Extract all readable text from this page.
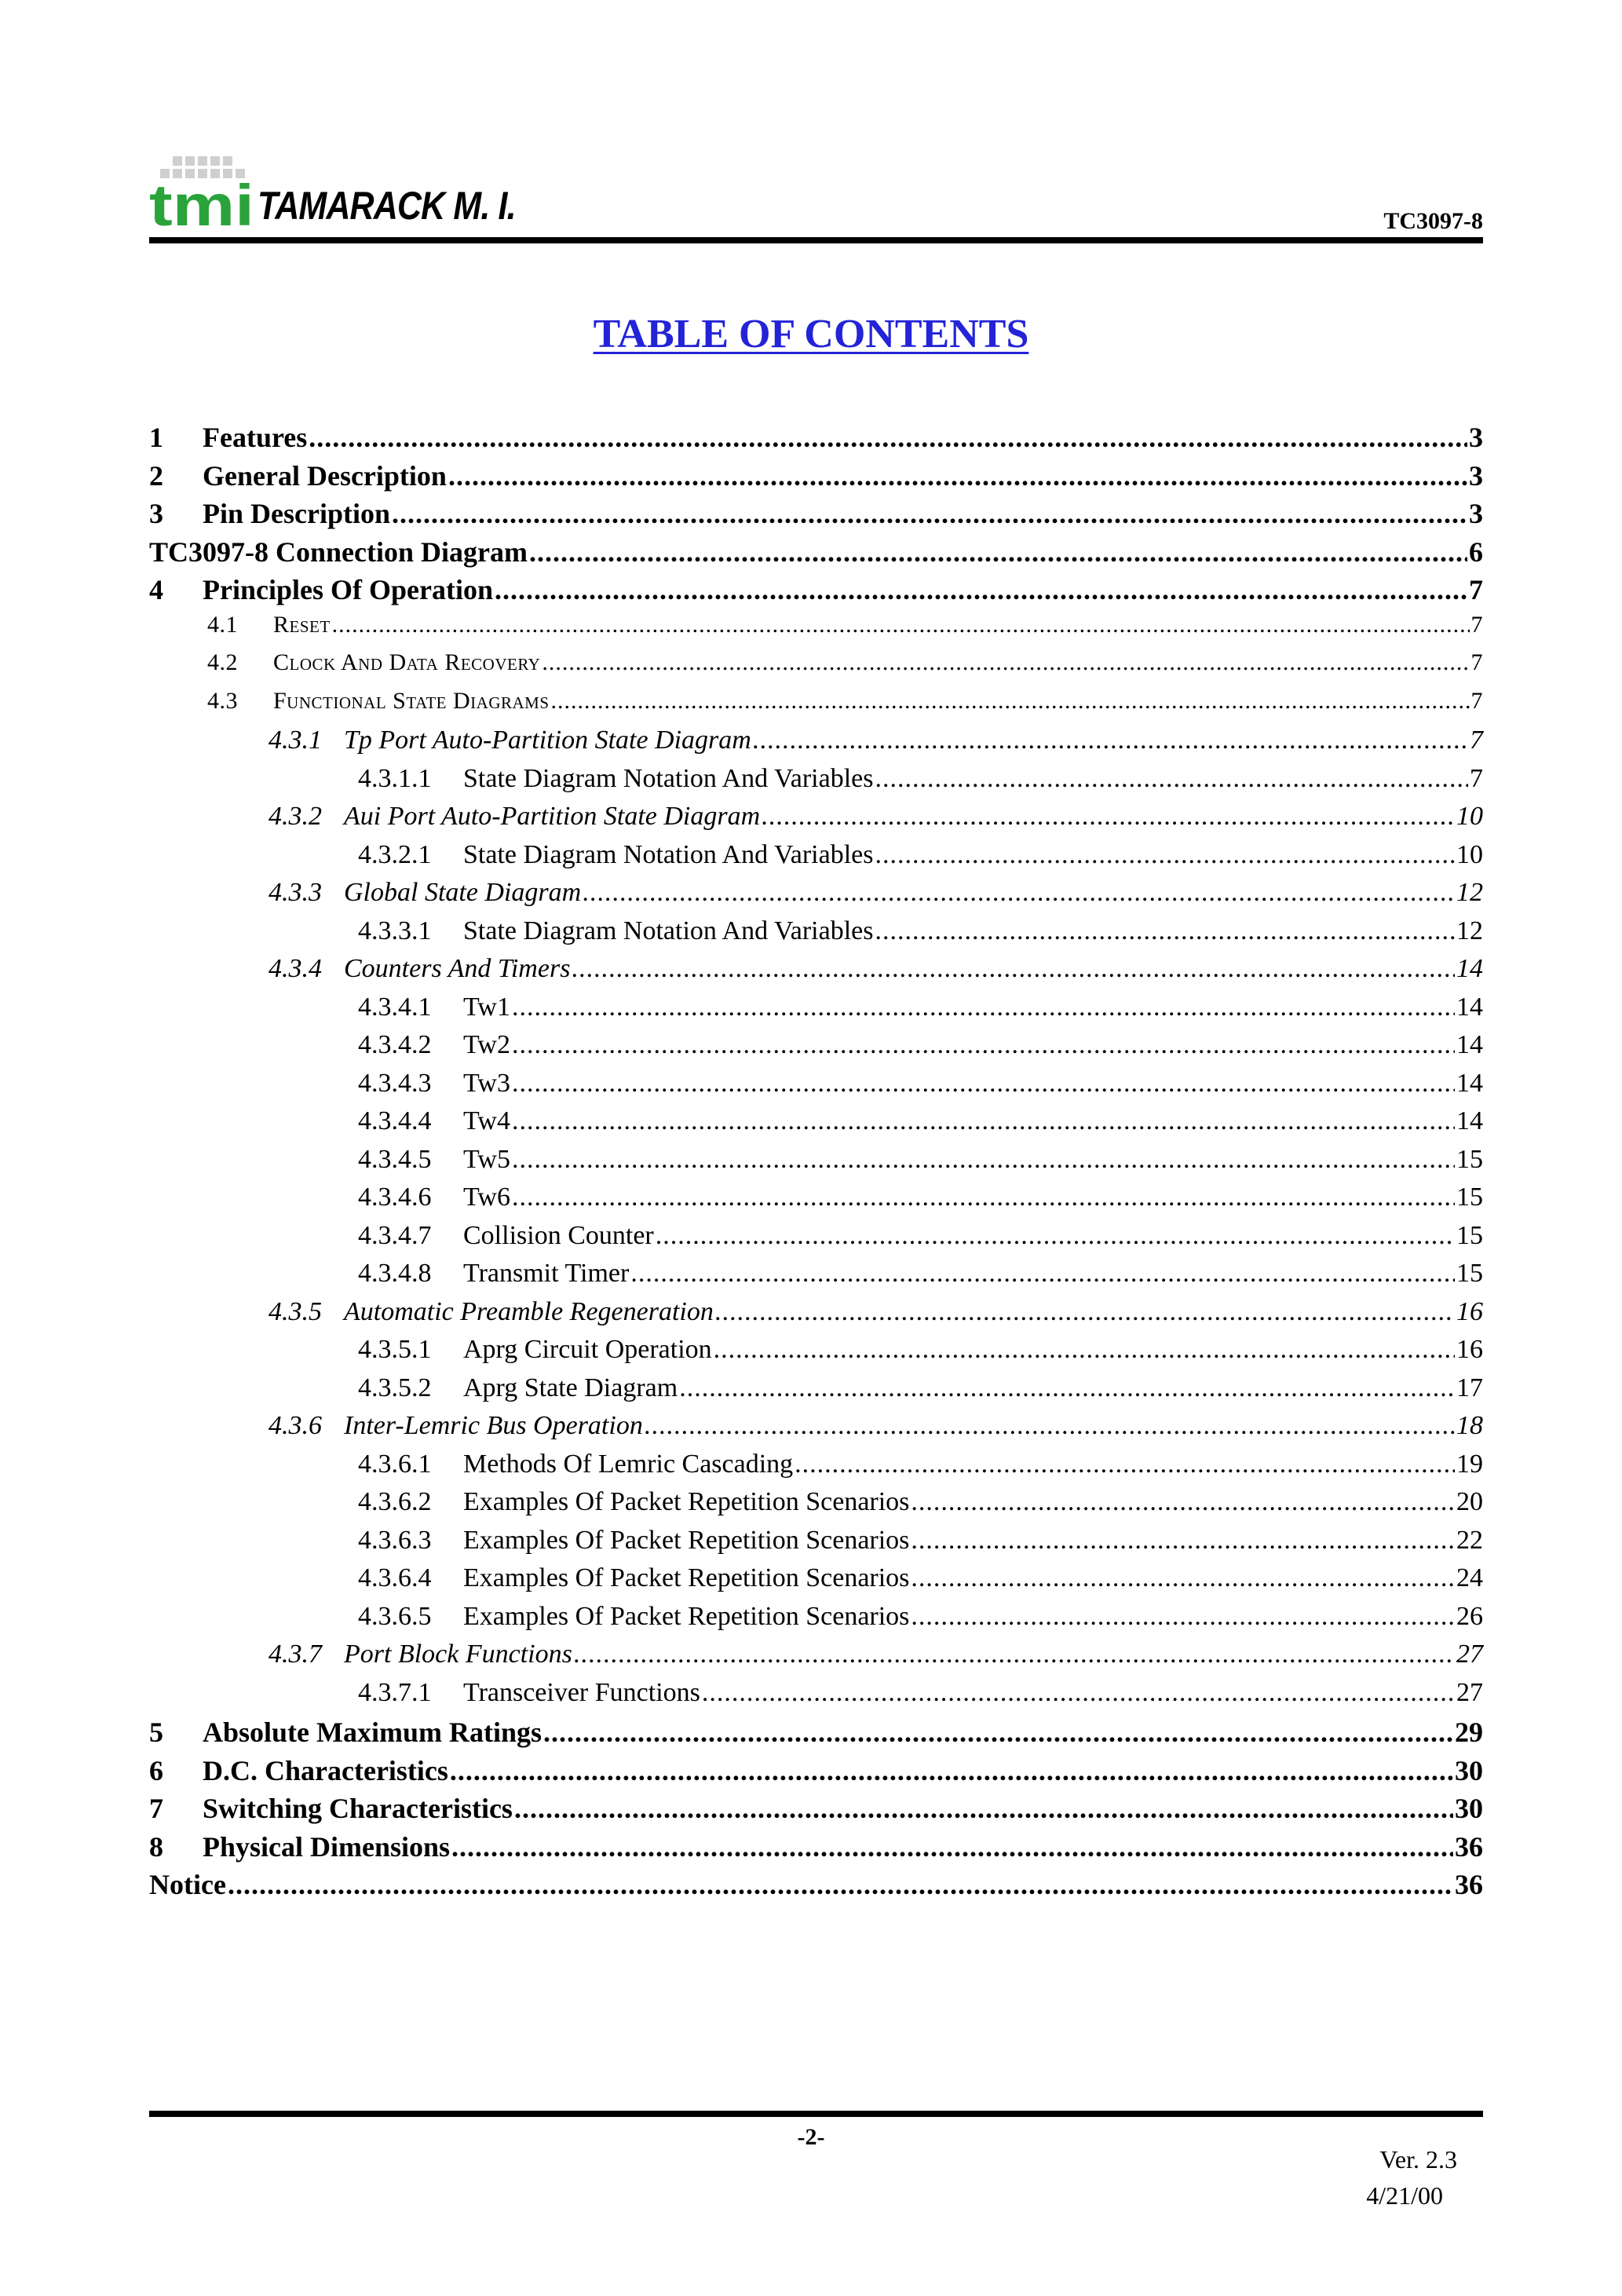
tmi TAMARACK M. I.	TC3097-8
TABLE OF CONTENTS
1	Features .....	3
2	General Description .....	3
3	Pin Description .....	3
TC3097-8 Connection Diagram .....	6
4	Principles Of Operation .....	7
4.1	Reset .....	7
4.2	Clock And Data Recovery .....	7
4.3	Functional State Diagrams .....	7
4.3.1 Tp Port Auto-Partition State Diagram .....	7
4.3.1.1	State Diagram Notation And Variables .....	7
4.3.2 Aui Port Auto-Partition State Diagram .....	10
4.3.2.1	State Diagram Notation And Variables .....	10
4.3.3 Global State Diagram .....	12
4.3.3.1	State Diagram Notation And Variables .....	12
4.3.4 Counters And Timers .....	14
4.3.4.1	Tw1 .....	14
4.3.4.2	Tw2 .....	14
4.3.4.3	Tw3 .....	14
4.3.4.4	Tw4 .....	14
4.3.4.5	Tw5 .....	15
4.3.4.6	Tw6 .....	15
4.3.4.7	Collision Counter .....	15
4.3.4.8	Transmit Timer .....	15
4.3.5 Automatic Preamble Regeneration .....	16
4.3.5.1	Aprg Circuit Operation .....	16
4.3.5.2	Aprg State Diagram .....	17
4.3.6 Inter-Lemric Bus Operation .....	18
4.3.6.1	Methods Of Lemric Cascading .....	19
4.3.6.2	Examples Of Packet Repetition Scenarios .....	20
4.3.6.3	Examples Of Packet Repetition Scenarios .....	22
4.3.6.4	Examples Of Packet Repetition Scenarios .....	24
4.3.6.5	Examples Of Packet Repetition Scenarios .....	26
4.3.7 Port Block Functions .....	27
4.3.7.1	Transceiver Functions .....	27
5	Absolute Maximum Ratings .....	29
6	D.C. Characteristics .....	30
7	Switching Characteristics .....	30
8	Physical Dimensions .....	36
Notice .....	36
-2-
Ver. 2.3
4/21/00
